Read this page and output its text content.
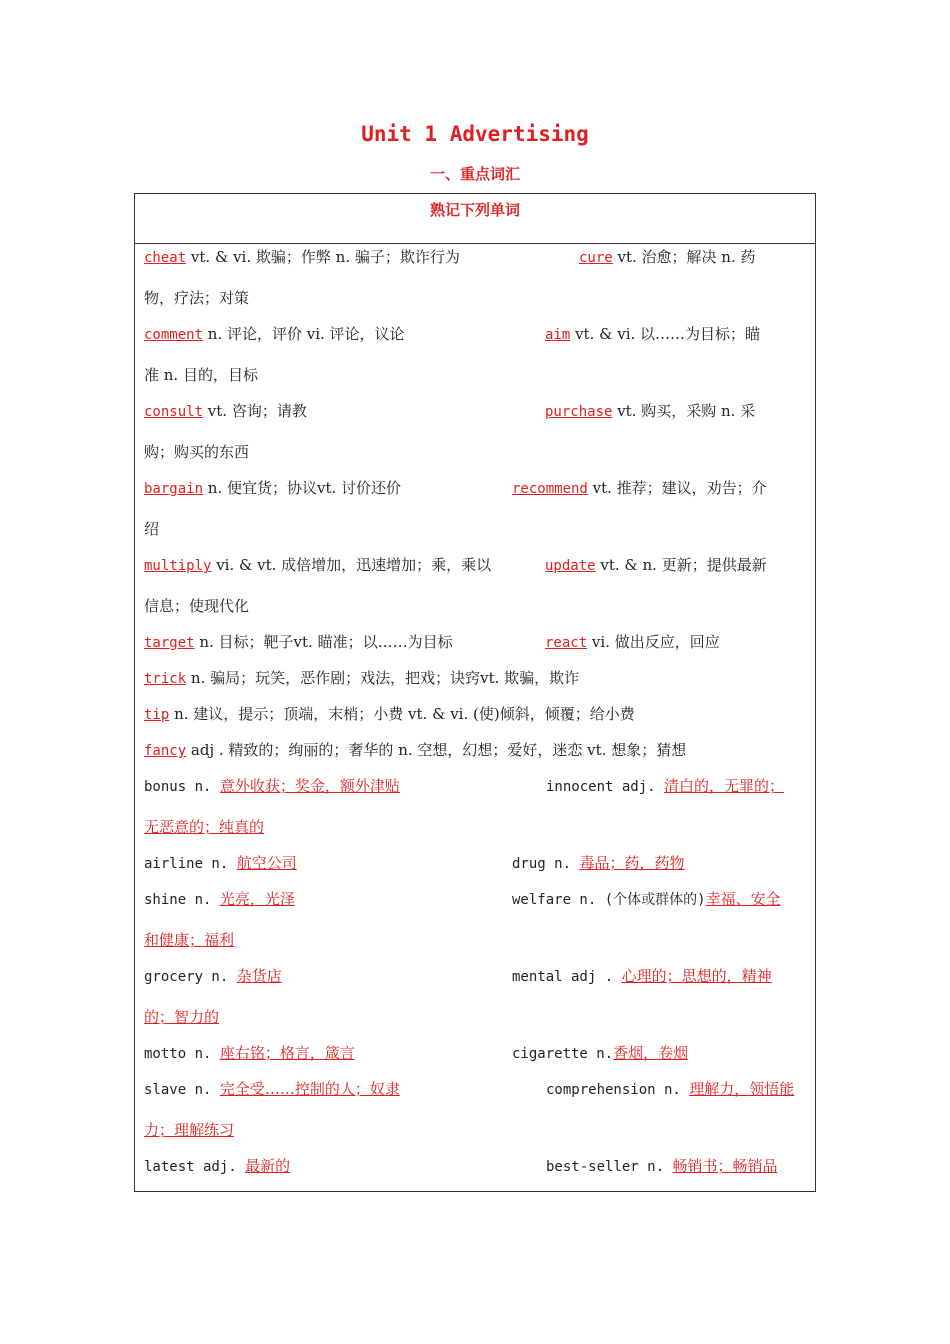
Unit 1 Advertising
一、重点词汇
熟记下列单词
cheat vt. & vi. 欺骗；作弊 n. 骗子；欺诈行为	cure vt. 治愈；解决 n. 药
物，疗法；对策
comment n. 评论，评价 vi. 评论，议论	aim vt. & vi. 以……为目标；瞄
准 n. 目的，目标
consult vt. 咨询；请教	purchase vt. 购买，采购 n. 采
购；购买的东西
bargain n. 便宜货；协议vt. 讨价还价	recommend vt. 推荐；建议，劝告；介
绍
multiply vi. & vt. 成倍增加，迅速增加；乘，乘以	update vt. & n. 更新；提供最新
信息；使现代化
target n. 目标；靶子vt. 瞄准；以……为目标	react vi. 做出反应，回应
trick n. 骗局；玩笑，恶作剧；戏法，把戏；诀窍vt. 欺骗，欺诈
tip n. 建议，提示；顶端，末梢；小费 vt. & vi. (使)倾斜，倾覆；给小费
fancy adj . 精致的；绚丽的；奢华的 n. 空想，幻想；爱好，迷恋 vt. 想象；猜想
bonus n. 意外收获；奖金，额外津贴	innocent adj. 清白的，无罪的；
无恶意的；纯真的
airline n. 航空公司	drug n. 毒品；药，药物
shine n. 光亮，光泽	welfare n. (个体或群体的)幸福、安全
和健康；福利
grocery n. 杂货店	mental adj . 心理的；思想的，精神
的；智力的
motto n. 座右铭；格言，箴言	cigarette n.香烟，卷烟
slave n. 完全受……控制的人；奴隶	comprehension n. 理解力，领悟能
力；理解练习
latest adj. 最新的	best-seller n. 畅销书；畅销品
